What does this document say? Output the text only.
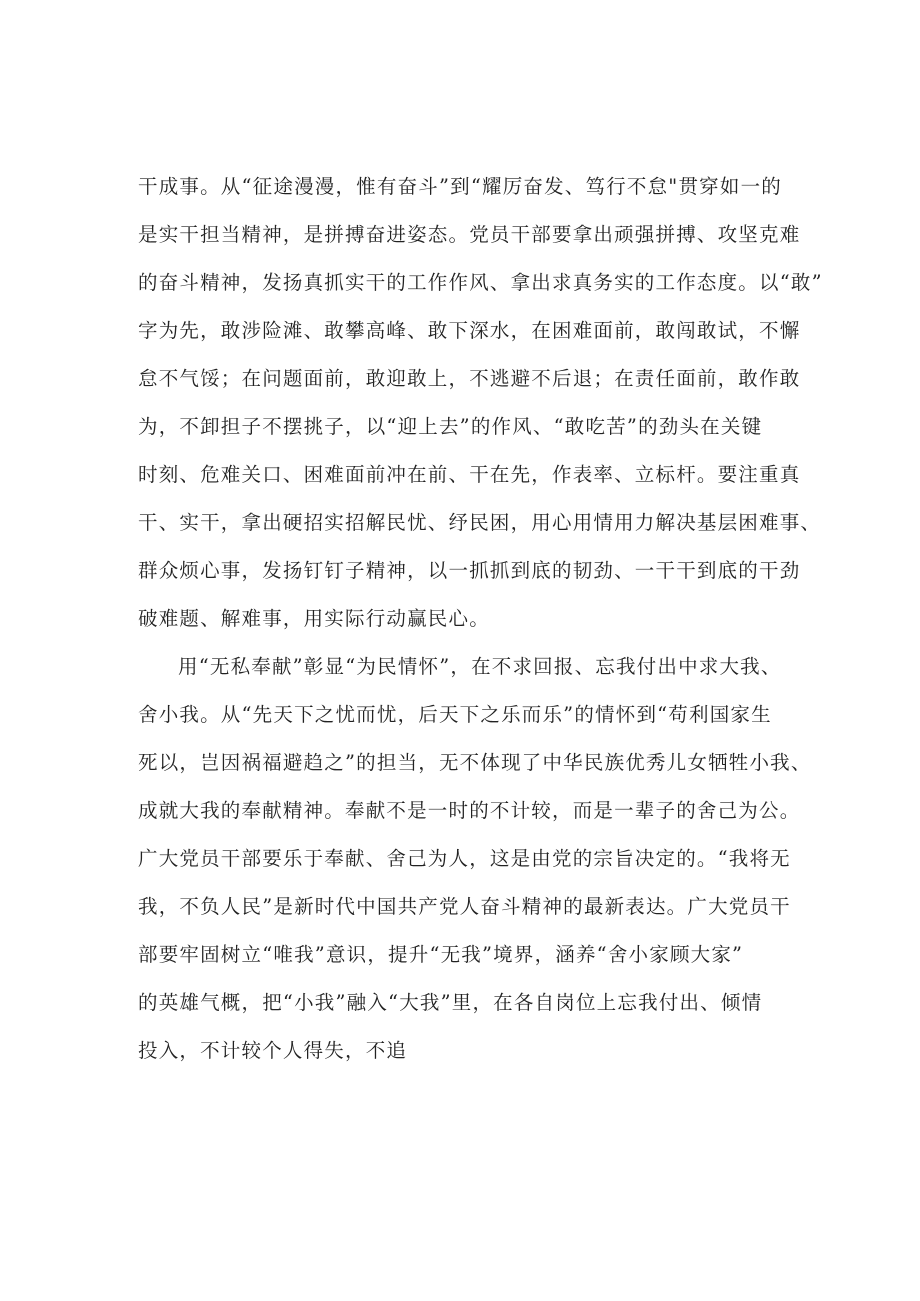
干成事。从“征途漫漫，惟有奋斗”到“耀厉奋发、笃行不怠"贯穿如一的
是实干担当精神，是拼搏奋进姿态。党员干部要拿出顽强拼搏、攻坚克难
的奋斗精神，发扬真抓实干的工作作风、拿出求真务实的工作态度。以“敢”
字为先，敢涉险滩、敢攀高峰、敢下深水，在困难面前，敢闯敢试，不懈
怠不气馁；在问题面前，敢迎敢上，不逃避不后退；在责任面前，敢作敢
为，不卸担子不摆挑子，以“迎上去”的作风、“敢吃苦”的劲头在关键
时刻、危难关口、困难面前冲在前、干在先，作表率、立标杆。要注重真
干、实干，拿出硬招实招解民忧、纾民困，用心用情用力解决基层困难事、
群众烦心事，发扬钉钉子精神，以一抓抓到底的韧劲、一干干到底的干劲
破难题、解难事，用实际行动赢民心。
用“无私奉献”彰显“为民情怀”，在不求回报、忘我付出中求大我、
舍小我。从“先天下之忧而忧，后天下之乐而乐”的情怀到“苟利国家生
死以，岂因祸福避趋之”的担当，无不体现了中华民族优秀儿女牺牲小我、
成就大我的奉献精神。奉献不是一时的不计较，而是一辈子的舍己为公。
广大党员干部要乐于奉献、舍己为人，这是由党的宗旨决定的。“我将无
我，不负人民”是新时代中国共产党人奋斗精神的最新表达。广大党员干
部要牢固树立“唯我”意识，提升“无我”境界，涵养“舍小家顾大家”
的英雄气概，把“小我”融入“大我”里，在各自岗位上忘我付出、倾情
投入，不计较个人得失，不追
